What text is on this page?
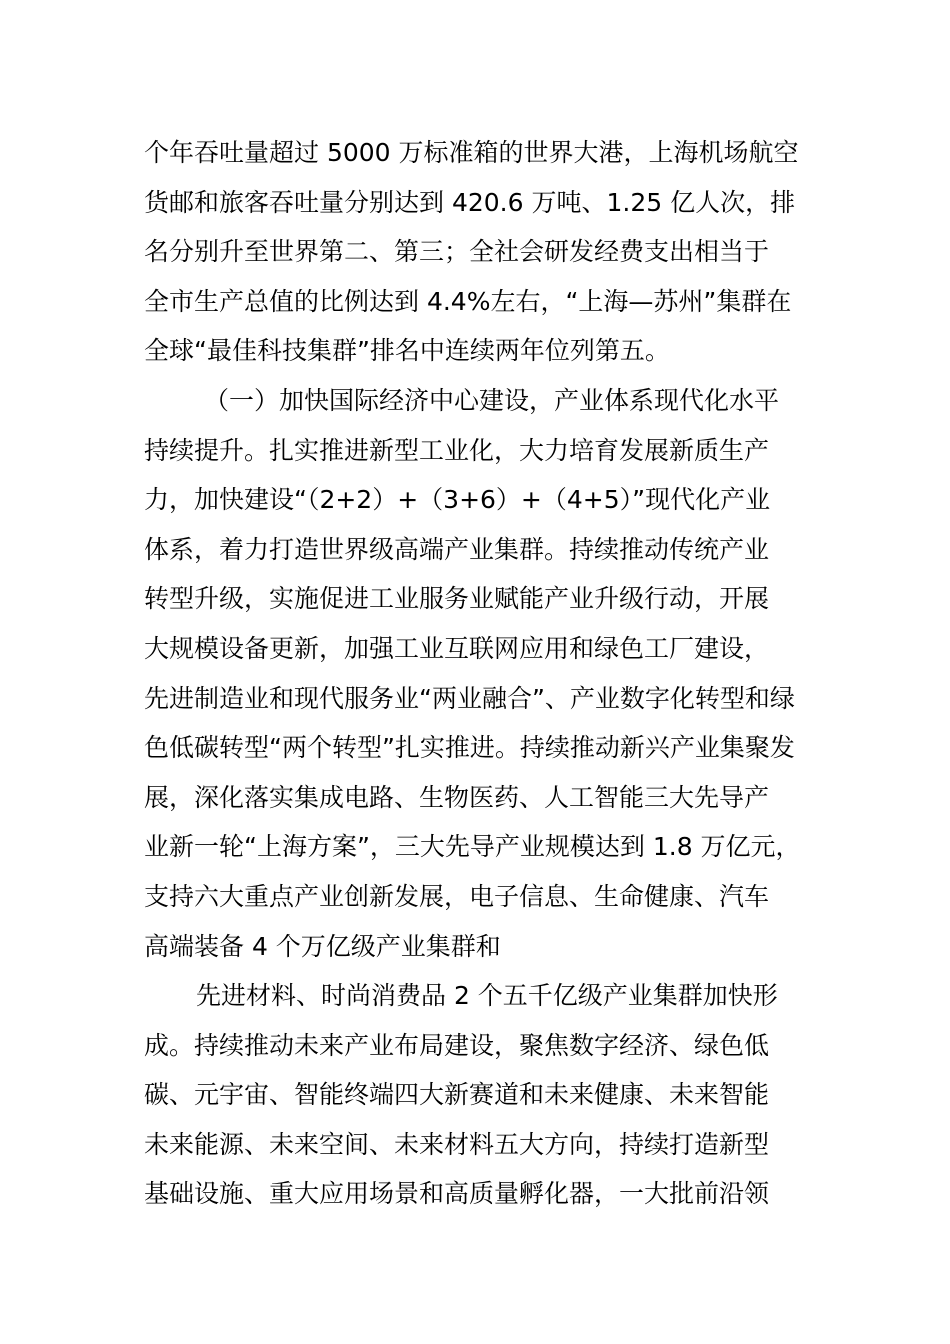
个年吞吐量超过 5000 万标准箱的世界大港，上海机场航空
货邮和旅客吞吐量分别达到 420.6 万吨、1.25 亿人次，排
名分别升至世界第二、第三；全社会研发经费支出相当于
全市生产总值的比例达到 4.4%左右，“上海—苏州”集群在
全球“最佳科技集群”排名中连续两年位列第五。
（一）加快国际经济中心建设，产业体系现代化水平
持续提升。扎实推进新型工业化，大力培育发展新质生产
力，加快建设“（2+2）+（3+6）+（4+5）”现代化产业
体系，着力打造世界级高端产业集群。持续推动传统产业
转型升级，实施促进工业服务业赋能产业升级行动，开展
大规模设备更新，加强工业互联网应用和绿色工厂建设，
先进制造业和现代服务业“两业融合”、产业数字化转型和绿
色低碳转型“两个转型”扎实推进。持续推动新兴产业集聚发
展，深化落实集成电路、生物医药、人工智能三大先导产
业新一轮“上海方案”，三大先导产业规模达到 1.8 万亿元，
支持六大重点产业创新发展，电子信息、生命健康、汽车
高端装备 4 个万亿级产业集群和
先进材料、时尚消费品 2 个五千亿级产业集群加快形
成。持续推动未来产业布局建设，聚焦数字经济、绿色低
碳、元宇宙、智能终端四大新赛道和未来健康、未来智能
未来能源、未来空间、未来材料五大方向，持续打造新型
基础设施、重大应用场景和高质量孵化器，一大批前沿领
